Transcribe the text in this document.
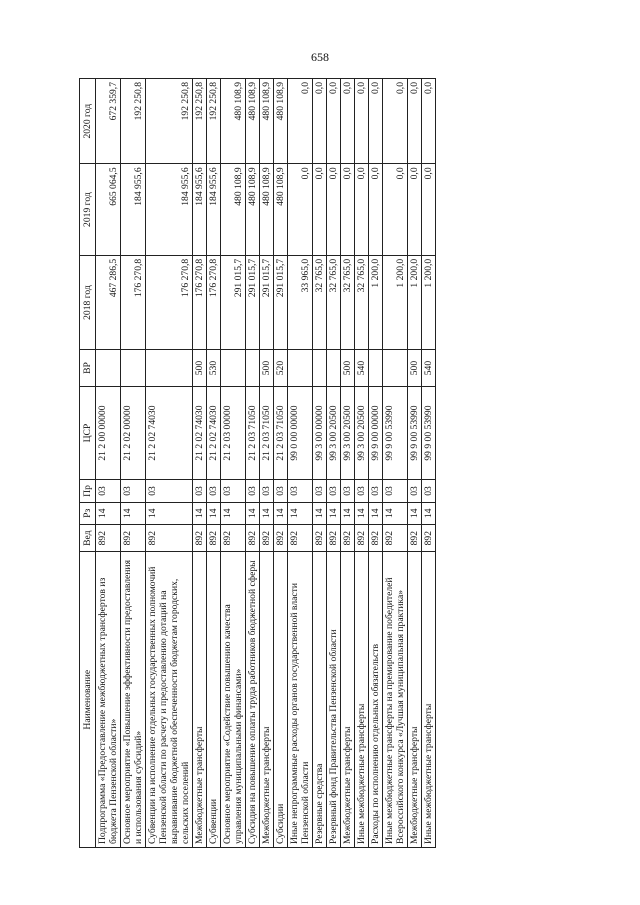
658
Наименование	Вед	Рз	Пр	ЦСР	ВР	2018 год	2019 год	2020 год
Подпрограмма «Предоставление межбюджетных трансфертов из бюджета Пензенской области»	892	14	03	21 2 00 00000		467 286,5	665 064,5	672 359,7
Основное мероприятие «Повышение эффективности предоставления и использования субсидий»	892	14	03	21 2 02 00000		176 270,8	184 955,6	192 250,8
Субвенции на исполнение отдельных государственных полномочий Пензенской области по расчету и предоставлению дотаций на выравнивание бюджетной обеспеченности бюджетам городских, сельских поселений	892	14	03	21 2 02 74030		176 270,8	184 955,6	192 250,8
Межбюджетные трансферты	892	14	03	21 2 02 74030	500	176 270,8	184 955,6	192 250,8
Субвенции	892	14	03	21 2 02 74030	530	176 270,8	184 955,6	192 250,8
Основное мероприятие «Содействие повышению качества управления муниципальными финансами»	892	14	03	21 2 03 00000		291 015,7	480 108,9	480 108,9
Субсидия на повышение оплаты труда работников бюджетной сферы	892	14	03	21 2 03 71050		291 015,7	480 108,9	480 108,9
Межбюджетные трансферты	892	14	03	21 2 03 71050	500	291 015,7	480 108,9	480 108,9
Субсидии	892	14	03	21 2 03 71050	520	291 015,7	480 108,9	480 108,9
Иные непрограммные расходы органов государственной власти Пензенской области	892	14	03	99 0 00 00000		33 965,0	0,0	0,0
Резервные средства	892	14	03	99 3 00 00000		32 765,0	0,0	0,0
Резервный фонд Правительства Пензенской области	892	14	03	99 3 00 20500		32 765,0	0,0	0,0
Межбюджетные трансферты	892	14	03	99 3 00 20500	500	32 765,0	0,0	0,0
Иные межбюджетные трансферты	892	14	03	99 3 00 20500	540	32 765,0	0,0	0,0
Расходы по исполнению отдельных обязательств	892	14	03	99 9 00 00000		1 200,0	0,0	0,0
Иные межбюджетные трансферты на премирование победителей Всероссийского конкурса «Лучшая муниципальная практика»	892	14	03	99 9 00 53990		1 200,0	0,0	0,0
Межбюджетные трансферты	892	14	03	99 9 00 53990	500	1 200,0	0,0	0,0
Иные межбюджетные трансферты	892	14	03	99 9 00 53990	540	1 200,0	0,0	0,0
